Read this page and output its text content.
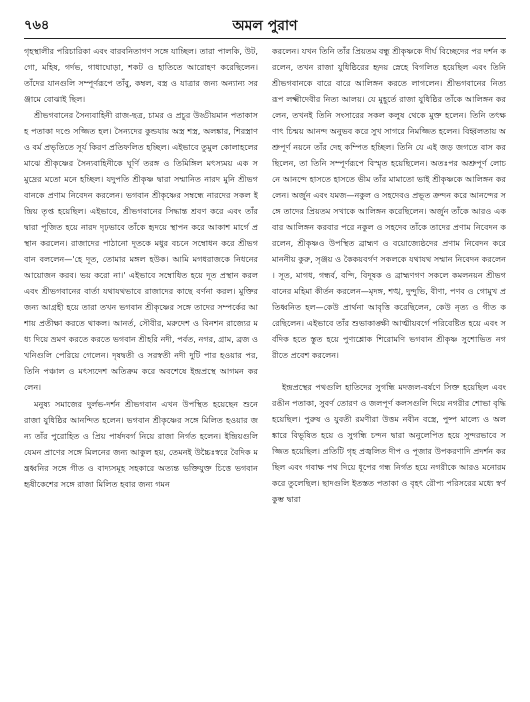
৭৬৪	অমল পুরাণ

গৃহস্থালীর পরিচারিকা এবং বারবনিতাগণ সঙ্গে যাচ্ছিল। তারা পালকি, উট, গো, মহিষ, গর্দভ, গাধাঘোড়া, শকট ও হাতিতে আরোহণ করেছিলেন। তাঁদের যানগুলি সম্পূর্ণরূপে তাঁবু, কম্বল, বস্ত্র ও যাত্রার জন্য অন্যান্য সরঞ্জামে বোঝাই ছিল।

শ্রীভগবানের সৈন্যবাহিনী রাজ-ছত্র, চামর ও প্রচুর উড্ডীয়মান পতাকাসহ পতাকা দণ্ডে সজ্জিত হল। সৈন্যদের কুন্ডযায় অস্ত্র শস্ত্র, অলঙ্কার, শিরস্ত্রাণ ও বর্ম প্রভৃতিতে সূর্য কিরণ প্রতিফলিত হচ্ছিল। এইভাবে তুমুল কোলাহলের মাঝে শ্রীকৃষ্ণের সৈন্যবাহিনীকে ঘূর্ণি তরঙ্গ ও তিমিঙ্গিল মৎস্যময় এক সমুদ্রের মতো মনে হচ্ছিল। যদুপতি শ্রীকৃষ্ণ দ্বারা সম্মানিত নারদ মুনি শ্রীভগবানকে প্রণাম নিবেদন করলেন। ভগবান শ্রীকৃষ্ণের সম্বন্ধে নারদের সকল ইন্দ্রিয় তৃপ্ত হয়েছিল। এইভাবে, শ্রীভগবানের সিদ্ধান্ত শ্রবণ করে এবং তাঁর দ্বারা পূজিত হয়ে নারদ দৃঢ়ভাবে তাঁকে হৃদয়ে স্থাপন করে আকাশ মার্গে প্রস্থান করলেন। রাজাদের পাঠানো দূতকে মধুর বচনে সম্বোধন করে শ্রীভগবান বললেন—'হে দূত, তোমার মঙ্গল হউক। আমি মগধরাজকে নিধনের আয়োজন করব। ভয় করো না।' এইভাবে সম্বোধিত হয়ে দূত প্রস্থান করল এবং শ্রীভগবানের বার্তা যথাযথভাবে রাজাদের কাছে বর্ণনা করল। মুক্তির জন্য আগ্রহী হয়ে তারা তখন ভগবান শ্রীকৃষ্ণের সঙ্গে তাদের সম্পর্কের আশায় প্রতীক্ষা করতে থাকল। আনর্ত, সৌবীর, মরুদেশ ও বিনশন রাজ্যের মধ্য দিয়ে ভ্রমণ করতে করতে ভগবান শ্রীহরি নদী, পর্বত, নগর, গ্রাম, ব্রজ ও খনিগুলি পেরিয়ে গেলেন। দৃষদ্বতী ও সরস্বতী নদী দুটি পার হওয়ার পর, তিনি পঞ্চাল ও মৎস্যদেশ অতিক্রম করে অবশেষে ইন্দ্রপ্রস্থে আগমন করলেন।

মনুষ্য সমাজের দুর্লভ-দর্শন শ্রীভগবান এখন উপস্থিত হয়েছেন শুনে রাজা যুধিষ্ঠির আনন্দিত হলেন। ভগবান শ্রীকৃষ্ণের সঙ্গে মিলিত হওয়ার জন্য তাঁর পুরোহিত ও প্রিয় পার্ষদবর্গ নিয়ে রাজা নির্গত হলেন। ইন্দ্রিয়গুলি যেমন প্রাণের সঙ্গে মিলনের জন্য আকুল হয়, তেমনই উচ্চৈঃস্বরে বৈদিক মন্ত্রধ্বনির সঙ্গে গীত ও বাদ্যসমূহ সহকারে অত্যন্ত ভক্তিযুক্ত চিত্তে ভগবান হৃষীকেশের সঙ্গে রাজা মিলিত হবার জন্য গমন

করলেন। যখন তিনি তাঁর প্রিয়তম বন্ধু শ্রীকৃষ্ণকে দীর্ঘ বিচ্ছেদের পর দর্শন করলেন, তখন রাজা যুধিষ্ঠিরের হৃদয় স্নেহে বিগলিত হয়েছিল এবং তিনি শ্রীভগবানকে বারে বারে আলিঙ্গন করতে লাগলেন। শ্রীভগবানের নিত্য রূপ লক্ষ্মীদেবীর নিত্য আলয়। যে মুহূর্তে রাজা যুধিষ্ঠির তাঁকে আলিঙ্গন করলেন, তখনই তিনি সংসারের সকল কলুষ থেকে মুক্ত হলেন। তিনি তৎক্ষণাৎ চিন্ময় আনন্দ অনুভব করে সুখ সাগরে নিমজ্জিত হলেন। বিহ্বলতায় অশ্রুপূর্ণ নয়নে তাঁর দেহ কম্পিত হচ্ছিল। তিনি যে এই জড় জগতে বাস করছিলেন, তা তিনি সম্পূর্ণরূপে বিস্মৃত হয়েছিলেন। অতঃপর অশ্রুপূর্ণ লোচনে আনন্দে হাসতে হাসতে ভীম তাঁর মামাতো ভাই শ্রীকৃষ্ণকে আলিঙ্গন করলেন। অর্জুন এবং যমজ—নকুল ও সহদেবও প্রভূত ক্রন্দন করে আনন্দের সঙ্গে তাদের প্রিয়তম সখাকে আলিঙ্গন করেছিলেন। অর্জুন তাঁকে আরও একবার আলিঙ্গন করবার পরে নকুল ও সহদেব তাঁকে তাদের প্রণাম নিবেদন করলেন, শ্রীকৃষ্ণও উপস্থিত ব্রাহ্মণ ও বয়োজ্যেষ্ঠদের প্রণাম নিবেদন করে মাননীয় কুরু, সৃঞ্জয় ও কৈকয়বর্গণ সকলকে যথাযথ সম্মান নিবেদন করলেন। সূত, মাগধ, গন্ধর্ব, বন্দি, বিদূষক ও ব্রাহ্মণগণ সকলে কমলনয়ন শ্রীভগবানের মহিমা কীর্তন করলেন—মৃদঙ্গ, শঙ্খ, দুন্দুভি, বীণা, পণব ও গোমুখ প্রতিধ্বনিত হল—কেউ প্রার্থনা আবৃত্তি করেছিলেন, কেউ নৃত্য ও গীত করেছিলেন। এইভাবে তাঁর শুভাকাঙ্ক্ষী আত্মীয়বর্গে পরিবেষ্টিত হয়ে এবং সর্বদিক হতে স্তুত হয়ে পুণ্যশ্লোক শিরোমণি ভগবান শ্রীকৃষ্ণ সুশোভিত নগরীতে প্রবেশ করলেন।

ইন্দ্রপ্রস্থের পথগুলি হাতিদের সুগন্ধি মদজল-বর্ষণে সিক্ত হয়েছিল এবং রঙীন পতাকা, সুবর্ণ তোরণ ও জলপূর্ণ কলসগুলি দিয়ে নগরীর শোভা বৃদ্ধি হয়েছিল। পুরুষ ও যুবতী রমণীরা উত্তম নবীন বস্ত্রে, পুষ্প মাল্যে ও অলঙ্কারে বিভূষিত হয়ে ও সুগন্ধি চন্দন দ্বারা অনুলেপিত হয়ে সুন্দরভাবে সজ্জিত হয়েছিল। প্রতিটি গৃহ প্রজ্বলিত দীপ ও পূজার উপকরণাদি প্রদর্শন করছিল এবং গবাক্ষ পথ দিয়ে ধূপের গন্ধ নির্গত হয়ে নগরীকে আরও মনোরম করে তুলেছিল। ছাদগুলি ইতস্তত পতাকা ও বৃহৎ রৌপ্য পরিসরের মধ্যে স্বর্ণকুম্ভ দ্বারা
